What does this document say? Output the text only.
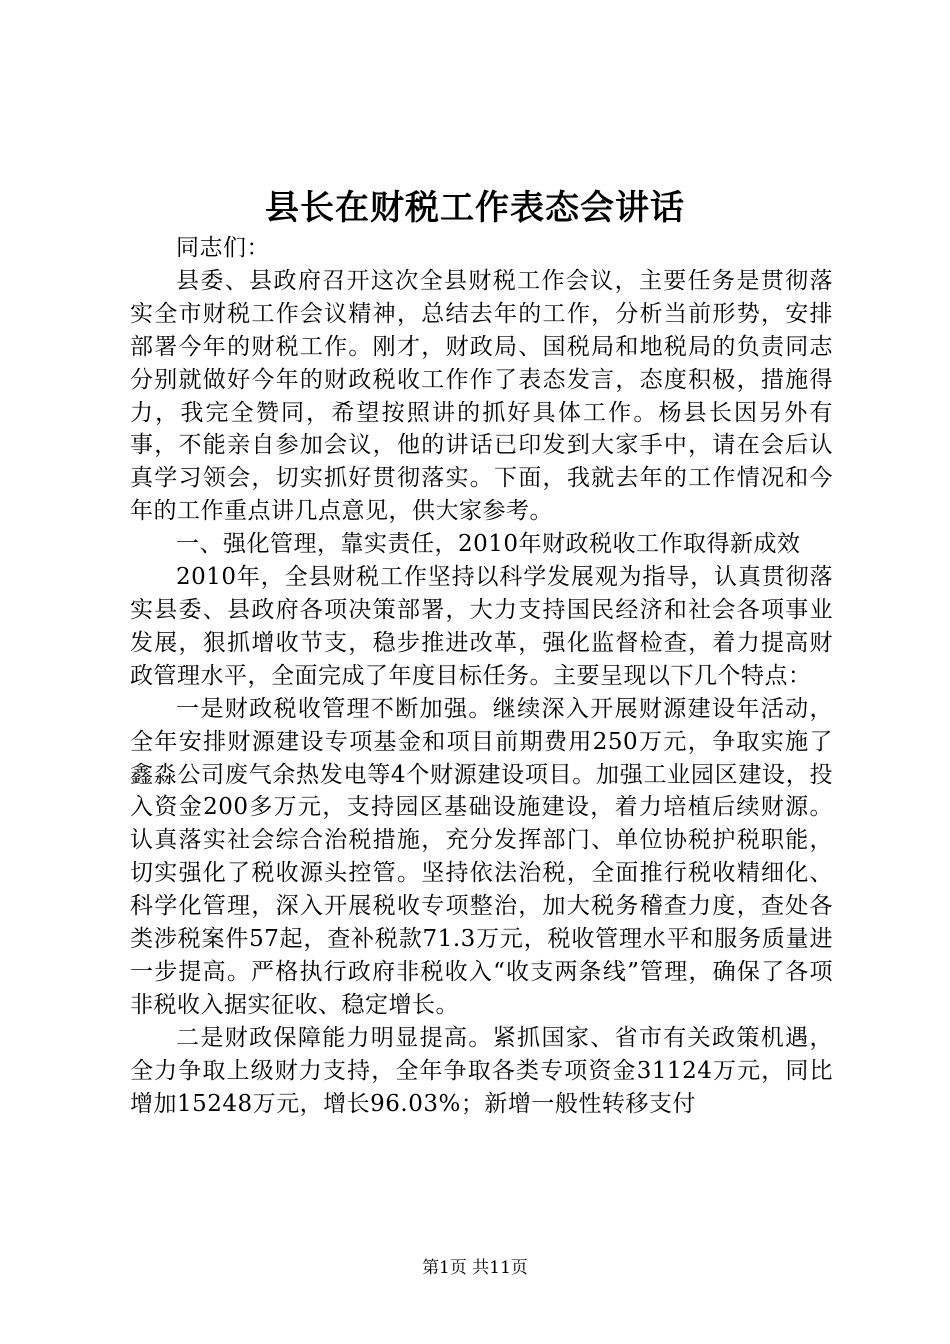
县长在财税工作表态会讲话

同志们：

县委、县政府召开这次全县财税工作会议，主要任务是贯彻落实全市财税工作会议精神，总结去年的工作，分析当前形势，安排部署今年的财税工作。刚才，财政局、国税局和地税局的负责同志分别就做好今年的财政税收工作作了表态发言，态度积极，措施得力，我完全赞同，希望按照讲的抓好具体工作。杨县长因另外有事，不能亲自参加会议，他的讲话已印发到大家手中，请在会后认真学习领会，切实抓好贯彻落实。下面，我就去年的工作情况和今年的工作重点讲几点意见，供大家参考。

一、强化管理，靠实责任，2010年财政税收工作取得新成效

2010年，全县财税工作坚持以科学发展观为指导，认真贯彻落实县委、县政府各项决策部署，大力支持国民经济和社会各项事业发展，狠抓增收节支，稳步推进改革，强化监督检查，着力提高财政管理水平，全面完成了年度目标任务。主要呈现以下几个特点：

一是财政税收管理不断加强。继续深入开展财源建设年活动，全年安排财源建设专项基金和项目前期费用250万元，争取实施了鑫淼公司废气余热发电等4个财源建设项目。加强工业园区建设，投入资金200多万元，支持园区基础设施建设，着力培植后续财源。认真落实社会综合治税措施，充分发挥部门、单位协税护税职能，切实强化了税收源头控管。坚持依法治税，全面推行税收精细化、科学化管理，深入开展税收专项整治，加大税务稽查力度，查处各类涉税案件57起，查补税款71.3万元，税收管理水平和服务质量进一步提高。严格执行政府非税收入“收支两条线”管理，确保了各项非税收入据实征收、稳定增长。

二是财政保障能力明显提高。紧抓国家、省市有关政策机遇，全力争取上级财力支持，全年争取各类专项资金31124万元，同比增加15248万元，增长96.03%；新增一般性转移支付

第1页 共11页
